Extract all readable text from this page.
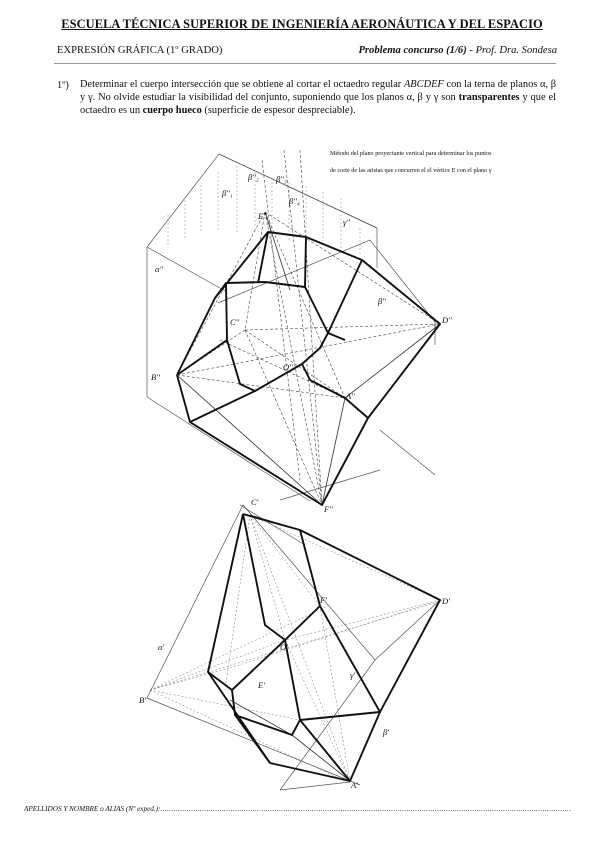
ESCUELA TÉCNICA SUPERIOR DE INGENIERÍA AERONÁUTICA Y DEL ESPACIO
EXPRESIÓN GRÁFICA (1º GRADO)	Problema concurso (1/6) - Prof. Dra. Sondesa
1º) Determinar el cuerpo intersección que se obtiene al cortar el octaedro regular ABCDEF con la terna de planos α, β y γ. No olvide estudiar la visibilidad del conjunto, suponiendo que los planos α, β y γ son transparentes y que el octaedro es un cuerpo hueco (superficie de espesor despreciable).
Método del plano proyectante vertical para determinar los puntos
de corte de las aristas que concurren el el vértice E con el plano γ
α''
β''
γ''
β''₁
β''₂ β''₃
β''₄
A''
B''
C''	D''
E''
F''
O''
α'
β'
γ'
A'
B'
C'
D'
E'
F'
O'
APELLIDOS Y NOMBRE o ALIAS (Nº exped.):...........................................................................................................................................................................................
